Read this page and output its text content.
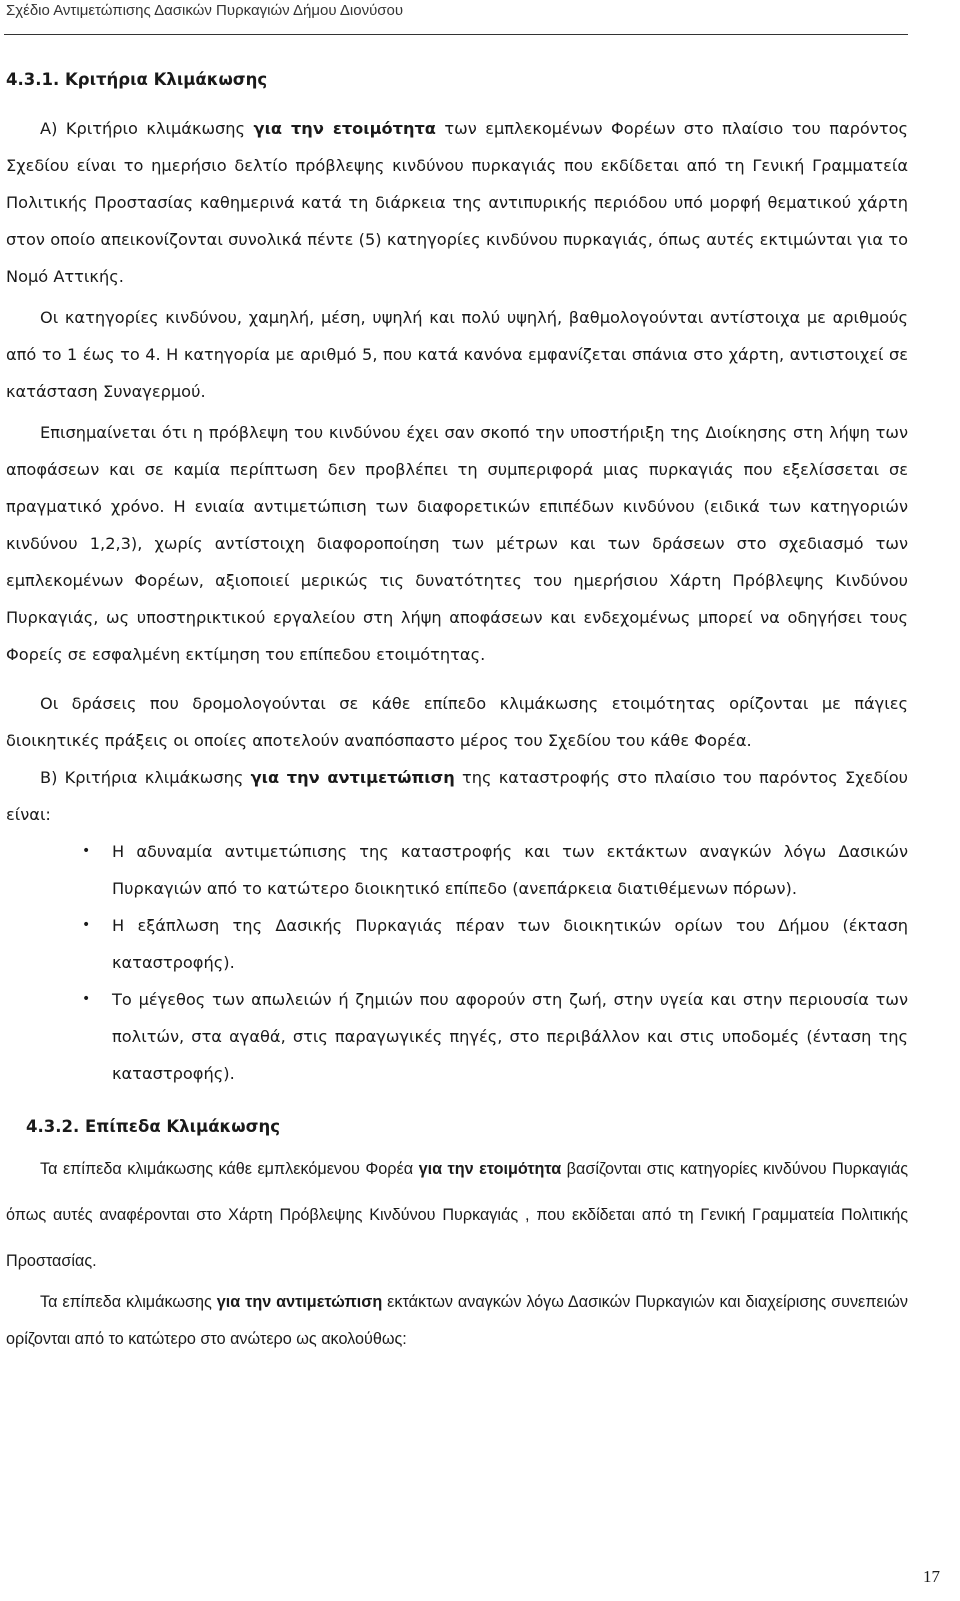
Σχέδιο Αντιμετώπισης Δασικών Πυρκαγιών Δήμου Διονύσου
4.3.1. Κριτήρια Κλιμάκωσης

Α) Κριτήριο κλιμάκωσης για την ετοιμότητα των εμπλεκομένων Φορέων στο πλαίσιο του παρόντος Σχεδίου είναι το ημερήσιο δελτίο πρόβλεψης κινδύνου πυρκαγιάς που εκδίδεται από τη Γενική Γραμματεία Πολιτικής Προστασίας καθημερινά κατά τη διάρκεια της αντιπυρικής περιόδου υπό μορφή θεματικού χάρτη στον οποίο απεικονίζονται συνολικά πέντε (5) κατηγορίες κινδύνου πυρκαγιάς, όπως αυτές εκτιμώνται για το Νομό Αττικής.

Οι κατηγορίες κινδύνου, χαμηλή, μέση, υψηλή και πολύ υψηλή, βαθμολογούνται αντίστοιχα με αριθμούς από το 1 έως το 4. Η κατηγορία με αριθμό 5, που κατά κανόνα εμφανίζεται σπάνια στο χάρτη, αντιστοιχεί σε κατάσταση Συναγερμού.

Επισημαίνεται ότι η πρόβλεψη του κινδύνου έχει σαν σκοπό την υποστήριξη της Διοίκησης στη λήψη των αποφάσεων και σε καμία περίπτωση δεν προβλέπει τη συμπεριφορά μιας πυρκαγιάς που εξελίσσεται σε πραγματικό χρόνο. Η ενιαία αντιμετώπιση των διαφορετικών επιπέδων κινδύνου (ειδικά των κατηγοριών κινδύνου 1,2,3), χωρίς αντίστοιχη διαφοροποίηση των μέτρων και των δράσεων στο σχεδιασμό των εμπλεκομένων Φορέων, αξιοποιεί μερικώς τις δυνατότητες του ημερήσιου Χάρτη Πρόβλεψης Κινδύνου Πυρκαγιάς, ως υποστηρικτικού εργαλείου στη λήψη αποφάσεων και ενδεχομένως μπορεί να οδηγήσει τους Φορείς σε εσφαλμένη εκτίμηση του επίπεδου ετοιμότητας.

Οι δράσεις που δρομολογούνται σε κάθε επίπεδο κλιμάκωσης ετοιμότητας ορίζονται με πάγιες διοικητικές πράξεις οι οποίες αποτελούν αναπόσπαστο μέρος του Σχεδίου του κάθε Φορέα.

Β) Κριτήρια κλιμάκωσης για την αντιμετώπιση της καταστροφής στο πλαίσιο του παρόντος Σχεδίου είναι:

• Η αδυναμία αντιμετώπισης της καταστροφής και των εκτάκτων αναγκών λόγω Δασικών Πυρκαγιών από το κατώτερο διοικητικό επίπεδο (ανεπάρκεια διατιθέμενων πόρων).
• Η εξάπλωση της Δασικής Πυρκαγιάς πέραν των διοικητικών ορίων του Δήμου (έκταση καταστροφής).
• Το μέγεθος των απωλειών ή ζημιών που αφορούν στη ζωή, στην υγεία και στην περιουσία των πολιτών, στα αγαθά, στις παραγωγικές πηγές, στο περιβάλλον και στις υποδομές (ένταση της καταστροφής).
4.3.2. Επίπεδα Κλιμάκωσης

Τα επίπεδα κλιμάκωσης κάθε εμπλεκόμενου Φορέα για την ετοιμότητα βασίζονται στις κατηγορίες κινδύνου Πυρκαγιάς όπως αυτές αναφέρονται στο Χάρτη Πρόβλεψης Κινδύνου Πυρκαγιάς , που εκδίδεται από τη Γενική Γραμματεία Πολιτικής Προστασίας.

Τα επίπεδα κλιμάκωσης για την αντιμετώπιση εκτάκτων αναγκών λόγω Δασικών Πυρκαγιών και διαχείρισης συνεπειών ορίζονται από το κατώτερο στο ανώτερο ως ακολούθως:

17
